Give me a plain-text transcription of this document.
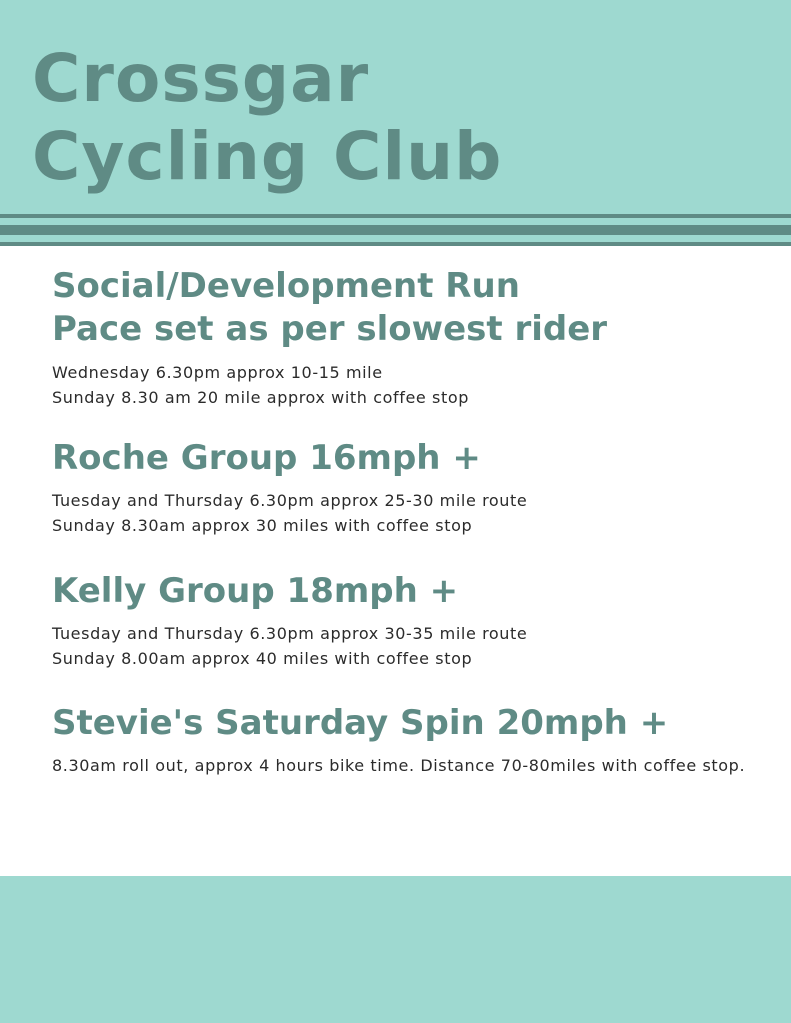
Crossgar
Cycling Club
Social/Development Run
Pace set as per slowest rider

Wednesday 6.30pm approx 10-15 mile
Sunday 8.30 am 20 mile approx with coffee stop

Roche Group 16mph +

Tuesday and Thursday 6.30pm approx 25-30 mile route
Sunday 8.30am approx 30 miles with coffee stop

Kelly Group 18mph +

Tuesday and Thursday 6.30pm approx 30-35 mile route
Sunday 8.00am approx 40 miles with coffee stop

Stevie's Saturday Spin 20mph +

8.30am roll out, approx 4 hours bike time. Distance 70-80miles with coffee stop.
